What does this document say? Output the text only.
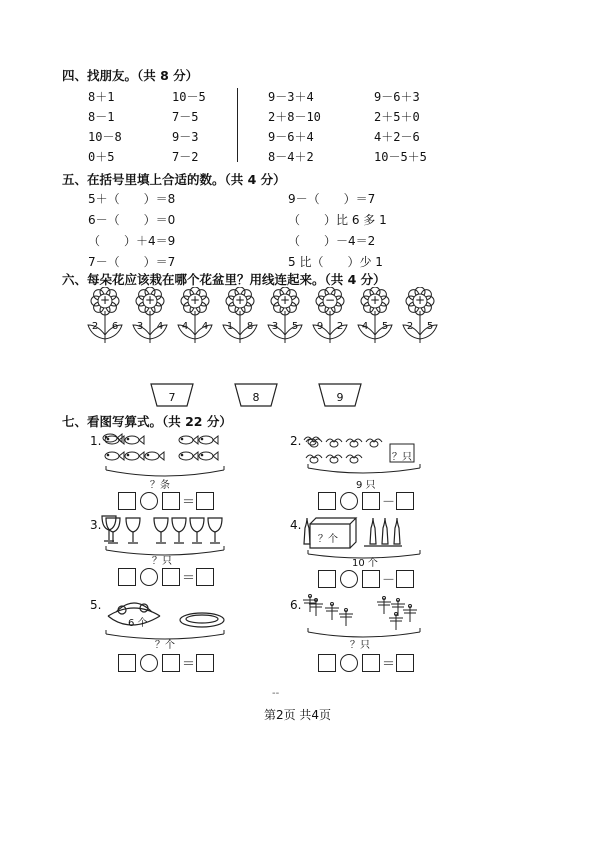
四、找朋友。（共 8 分）
8＋1
8－1
10－8
0＋5
10－5
7－5
9－3
7－2
9－3＋4
2＋8－10
9－6＋4
8－4＋2
9－6＋3
2＋5＋0
4＋2－6
10－5＋5
五、在括号里填上合适的数。（共 4 分）
5＋（　　）＝8
6－（　　）＝0
（　　）＋4＝9
7－（　　）＝7
9－（　　）＝7
（　　）比 6 多 1
（　　）－4＝2
5 比（　　）少 1
六、每朵花应该栽在哪个花盆里？用线连起来。（共 4 分）
+
2 6
+
3 4
+
4 4
+
1 8
+
3 5
−
9 2
+
4 5
+
2 5
7	8	9
七、看图写算式。（共 22 分）
1.
？条
＝
2.
？只
9 只
－
3.
？只
＝
4.
？个
10 个
－
5.
6 个
？个
＝
6.
？只
＝
--
第2页 共4页
